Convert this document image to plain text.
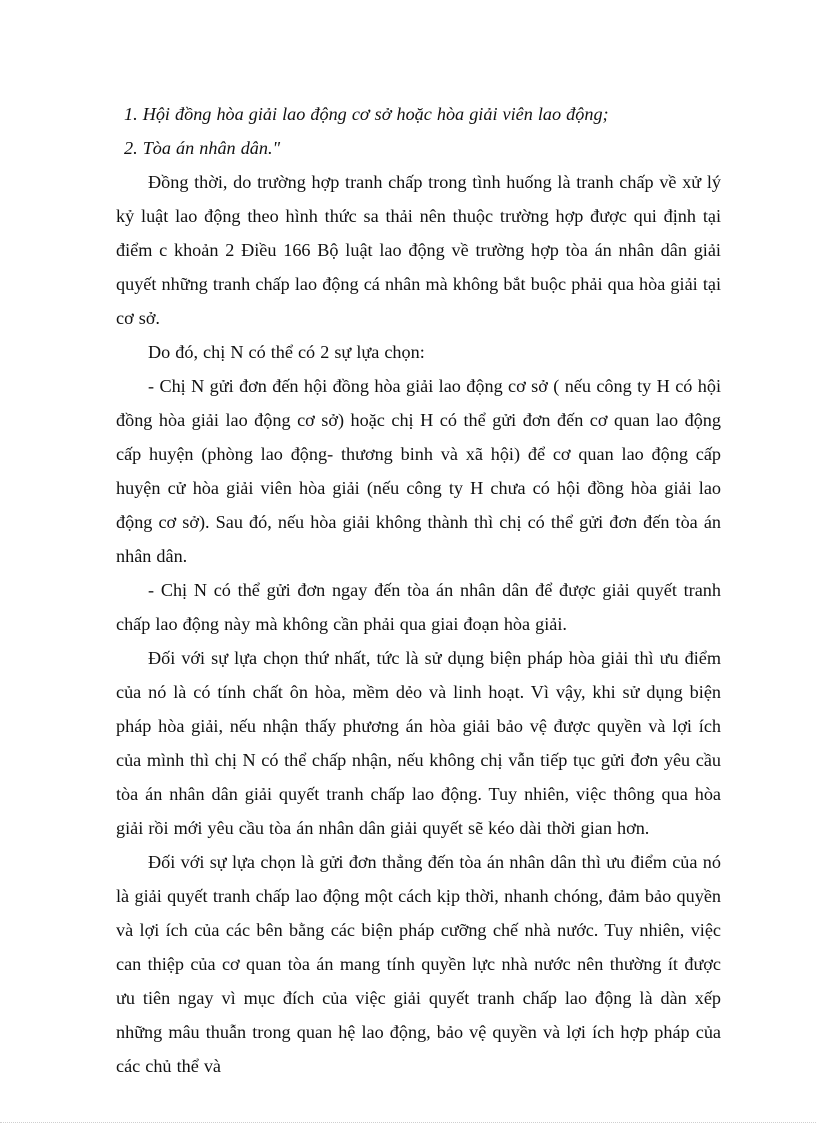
1. Hội đồng hòa giải lao động cơ sở hoặc hòa giải viên lao động;

2. Tòa án nhân dân."

Đồng thời, do trường hợp tranh chấp trong tình huống là tranh chấp về xử lý kỷ luật lao động theo hình thức sa thải nên thuộc trường hợp được qui định tại điểm c khoản 2 Điều 166 Bộ luật lao động về trường hợp tòa án nhân dân giải quyết những tranh chấp lao động cá nhân mà không bắt buộc phải qua hòa giải tại cơ sở.

Do đó, chị N có thể có 2 sự lựa chọn:

- Chị N gửi đơn đến hội đồng hòa giải lao động cơ sở ( nếu công ty H có hội đồng hòa giải lao động cơ sở) hoặc chị H có thể gửi đơn đến cơ quan lao động cấp huyện (phòng lao động- thương binh và xã hội) để cơ quan lao động cấp huyện cử hòa giải viên hòa giải (nếu công ty H chưa có hội đồng hòa giải lao động cơ sở). Sau đó, nếu hòa giải không thành thì chị có thể gửi đơn đến tòa án nhân dân.

- Chị N có thể gửi đơn ngay đến tòa án nhân dân để được giải quyết tranh chấp lao động này mà không cần phải qua giai đoạn hòa giải.

Đối với sự lựa chọn thứ nhất, tức là sử dụng biện pháp hòa giải thì ưu điểm của nó là có tính chất ôn hòa, mềm dẻo và linh hoạt. Vì vậy, khi sử dụng biện pháp hòa giải, nếu nhận thấy phương án hòa giải bảo vệ được quyền và lợi ích của mình thì chị N có thể chấp nhận, nếu không chị vẫn tiếp tục gửi đơn yêu cầu tòa án nhân dân giải quyết tranh chấp lao động. Tuy nhiên, việc thông qua hòa giải rồi mới yêu cầu tòa án nhân dân giải quyết sẽ kéo dài thời gian hơn.

Đối với sự lựa chọn là gửi đơn thẳng đến tòa án nhân dân thì ưu điểm của nó là giải quyết tranh chấp lao động một cách kịp thời, nhanh chóng, đảm bảo quyền và lợi ích của các bên bằng các biện pháp cưỡng chế nhà nước. Tuy nhiên, việc can thiệp của cơ quan tòa án mang tính quyền lực nhà nước nên thường ít được ưu tiên ngay vì mục đích của việc giải quyết tranh chấp lao động là dàn xếp những mâu thuẫn trong quan hệ lao động, bảo vệ quyền và lợi ích hợp pháp của các chủ thể và
